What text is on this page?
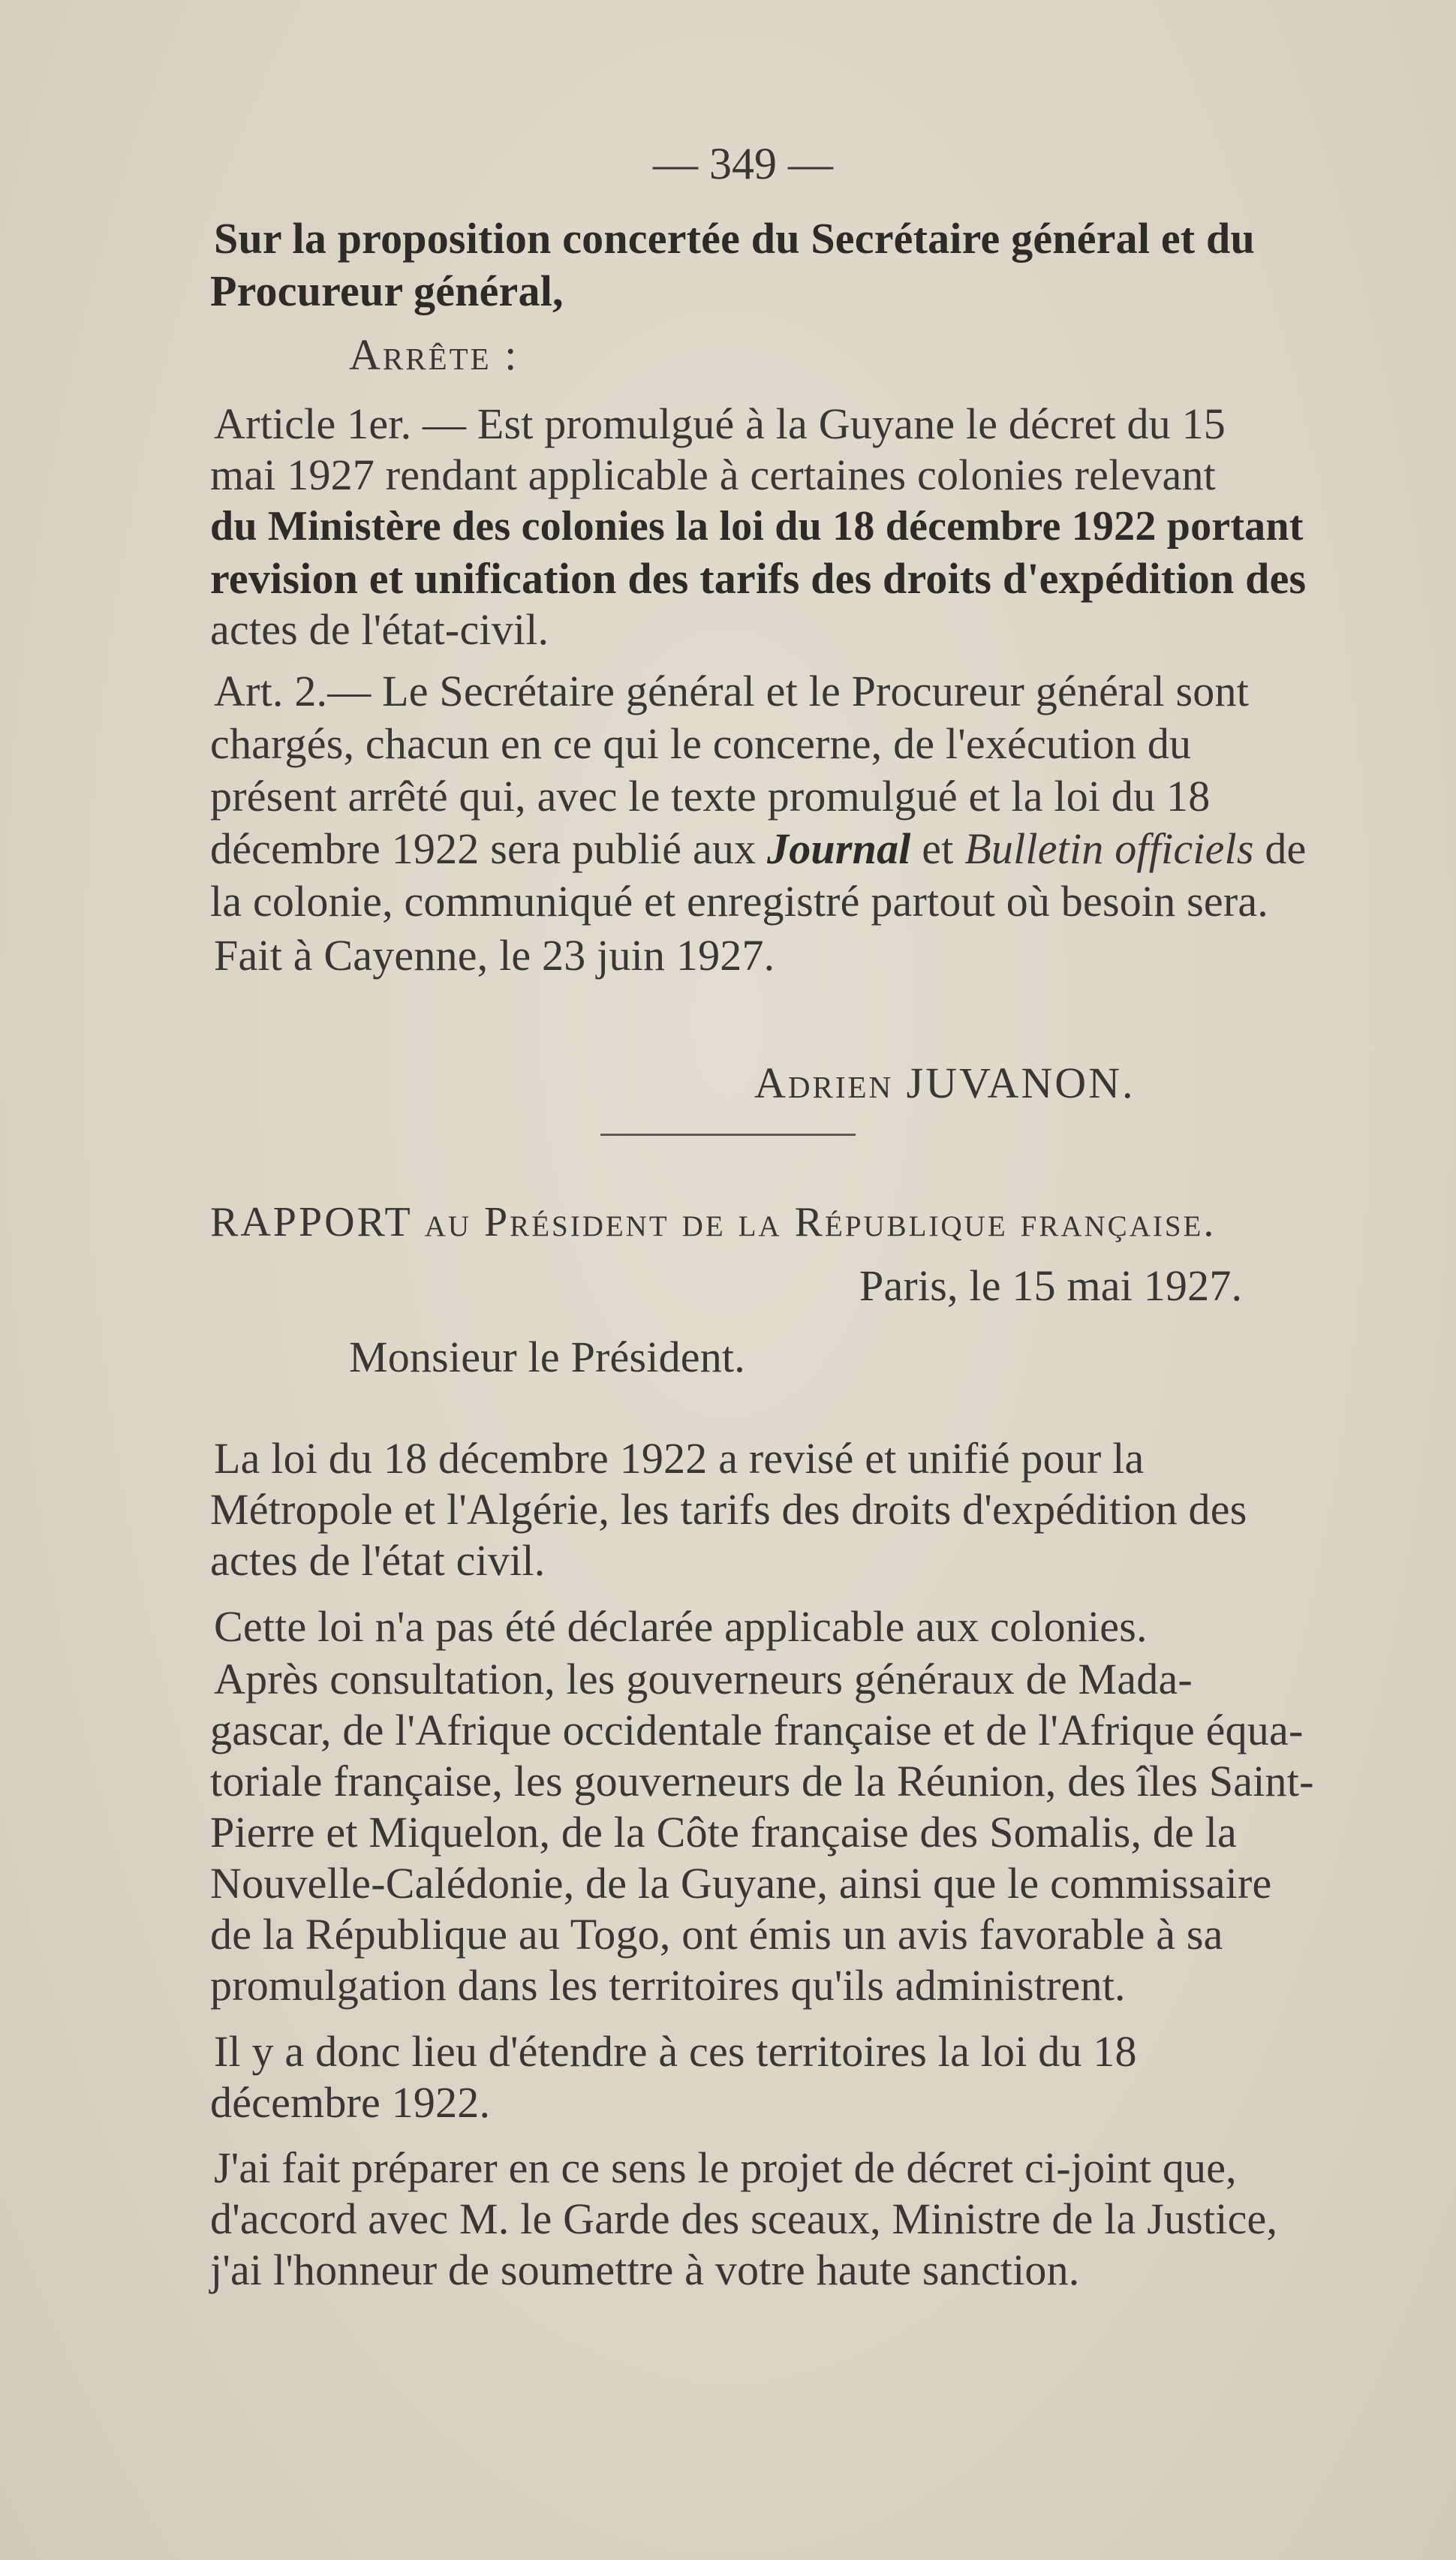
— 349 —
Sur la proposition concertée du Secrétaire général et du
Procureur général,
Arrête :
Article 1er. — Est promulgué à la Guyane le décret du 15
mai 1927 rendant applicable à certaines colonies relevant
du Ministère des colonies la loi du 18 décembre 1922 portant
revision et unification des tarifs des droits d'expédition des
actes de l'état-civil.
Art. 2.— Le Secrétaire général et le Procureur général sont
chargés, chacun en ce qui le concerne, de l'exécution du
présent arrêté qui, avec le texte promulgué et la loi du 18
décembre 1922 sera publié aux Journal et Bulletin officiels de
la colonie, communiqué et enregistré partout où besoin sera.
Fait à Cayenne, le 23 juin 1927.
Adrien JUVANON.
RAPPORT au Président de la République française.
Paris, le 15 mai 1927.
Monsieur le Président.
La loi du 18 décembre 1922 a revisé et unifié pour la
Métropole et l'Algérie, les tarifs des droits d'expédition des
actes de l'état civil.
Cette loi n'a pas été déclarée applicable aux colonies.
Après consultation, les gouverneurs généraux de Mada-
gascar, de l'Afrique occidentale française et de l'Afrique équa-
toriale française, les gouverneurs de la Réunion, des îles Saint-
Pierre et Miquelon, de la Côte française des Somalis, de la
Nouvelle-Calédonie, de la Guyane, ainsi que le commissaire
de la République au Togo, ont émis un avis favorable à sa
promulgation dans les territoires qu'ils administrent.
Il y a donc lieu d'étendre à ces territoires la loi du 18
décembre 1922.
J'ai fait préparer en ce sens le projet de décret ci-joint que,
d'accord avec M. le Garde des sceaux, Ministre de la Justice,
j'ai l'honneur de soumettre à votre haute sanction.
